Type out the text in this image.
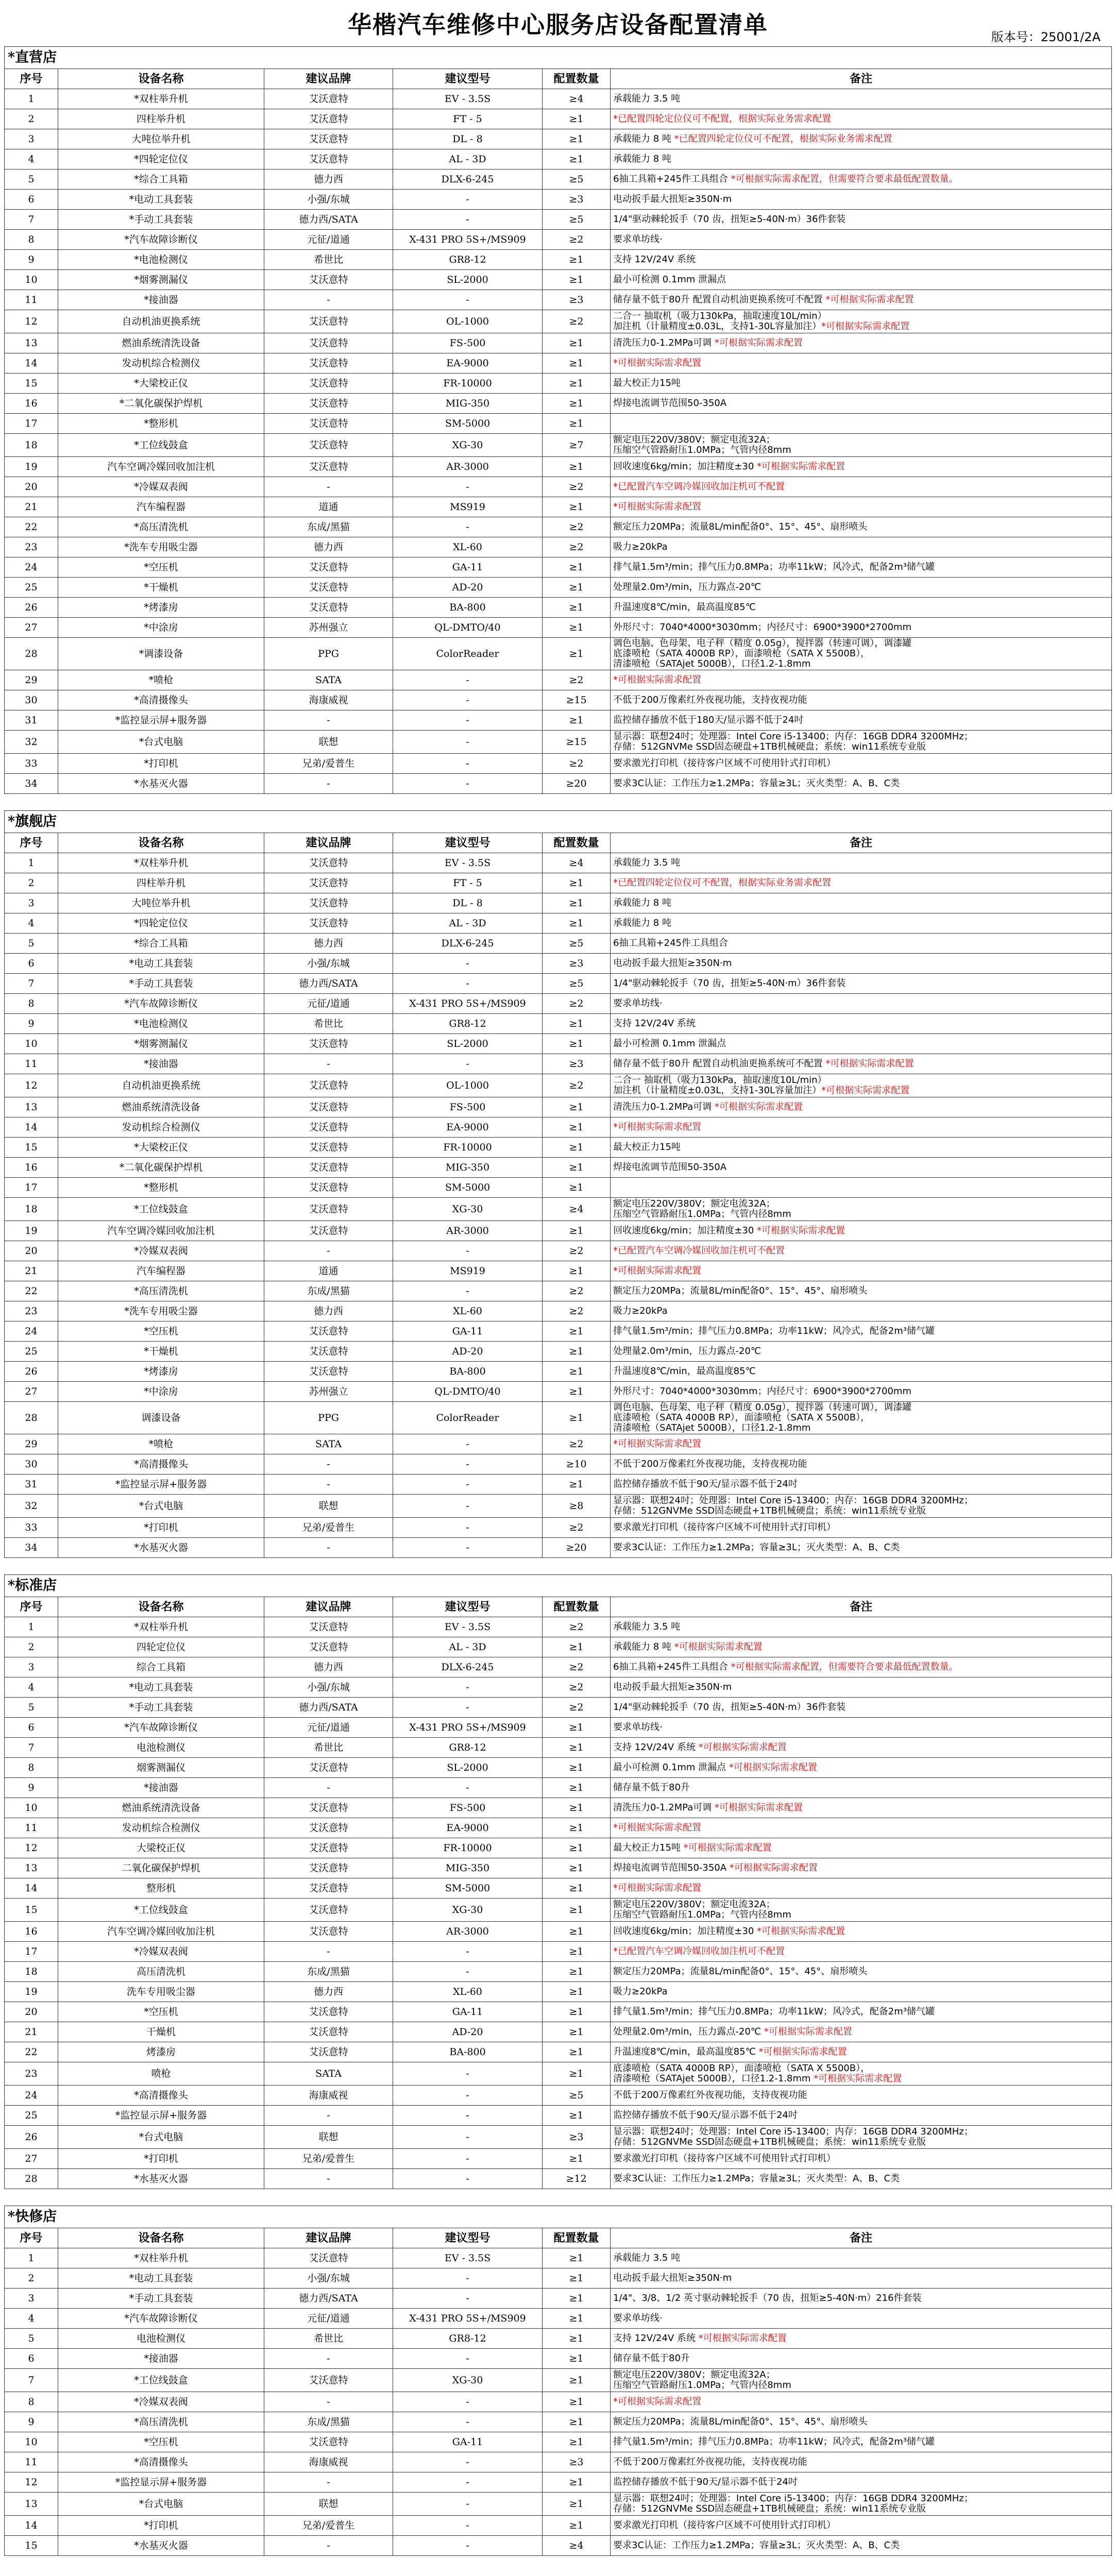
华楷汽车维修中心服务店设备配置清单	版本号：25001/2A
*直营店
序号	设备名称	建议品牌	建议型号	配置数量	备注
1	*双柱举升机	艾沃意特	EV - 3.5S	≥4	承载能力 3.5 吨
2	四柱举升机	艾沃意特	FT - 5	≥1	*已配置四轮定位仪可不配置，根据实际业务需求配置
3	大吨位举升机	艾沃意特	DL - 8	≥1	承载能力 8 吨 *已配置四轮定位仪可不配置，根据实际业务需求配置
4	*四轮定位仪	艾沃意特	AL - 3D	≥1	承载能力 8 吨
5	*综合工具箱	德力西	DLX-6-245	≥5	6抽工具箱+245件工具组合 *可根据实际需求配置，但需要符合要求最低配置数量。
6	*电动工具套装	小强/东城	-	≥3	电动扳手最大扭矩≥350N·m
7	*手动工具套装	德力西/SATA	-	≥5	1/4"驱动棘轮扳手（70 齿，扭矩≥5-40N·m）36件套装
8	*汽车故障诊断仪	元征/道通	X-431 PRO 5S+/MS909	≥2	要求单坊线·
9	*电池检测仪	希世比	GR8-12	≥1	支持 12V/24V 系统
10	*烟雾测漏仪	艾沃意特	SL-2000	≥1	最小可检测 0.1mm 泄漏点
11	*接油器	-	-	≥3	储存量不低于80升 配置自动机油更换系统可不配置 *可根据实际需求配置
12	自动机油更换系统	艾沃意特	OL-1000	≥2	二合一 抽取机（吸力130kPa，抽取速度10L/min）
加注机（计量精度±0.03L，支持1-30L容量加注）*可根据实际需求配置
13	燃油系统清洗设备	艾沃意特	FS-500	≥1	清洗压力0-1.2MPa可调 *可根据实际需求配置
14	发动机综合检测仪	艾沃意特	EA-9000	≥1	*可根据实际需求配置
15	*大梁校正仪	艾沃意特	FR-10000	≥1	最大校正力15吨
16	*二氧化碳保护焊机	艾沃意特	MIG-350	≥1	焊接电流调节范围50-350A
17	*整形机	艾沃意特	SM-5000	≥1	
18	*工位线鼓盒	艾沃意特	XG-30	≥7	额定电压220V/380V；额定电流32A；
压缩空气管路耐压1.0MPa；气管内径8mm
19	汽车空调冷媒回收加注机	艾沃意特	AR-3000	≥1	回收速度6kg/min；加注精度±30 *可根据实际需求配置
20	*冷媒双表阀	-	-	≥2	*已配置汽车空调冷媒回收加注机可不配置
21	汽车编程器	道通	MS919	≥1	*可根据实际需求配置
22	*高压清洗机	东成/黑猫	-	≥2	额定压力20MPa；流量8L/min配备0°、15°、45°、扇形喷头
23	*洗车专用吸尘器	德力西	XL-60	≥2	吸力≥20kPa
24	*空压机	艾沃意特	GA-11	≥1	排气量1.5m³/min；排气压力0.8MPa；功率11kW；风冷式，配备2m³储气罐
25	*干燥机	艾沃意特	AD-20	≥1	处理量2.0m³/min，压力露点-20℃
26	*烤漆房	艾沃意特	BA-800	≥1	升温速度8℃/min，最高温度85℃
27	*中涂房	苏州强立	QL-DMTO/40	≥1	外形尺寸：7040*4000*3030mm；内径尺寸：6900*3900*2700mm
28	*调漆设备	PPG	ColorReader	≥1	调色电脑、色母架、电子秤（精度 0.05g），搅拌器（转速可调），调漆罐
底漆喷枪（SATA 4000B RP），面漆喷枪（SATA X 5500B），
清漆喷枪（SATAjet 5000B），口径1.2-1.8mm
29	*喷枪	SATA	-	≥2	*可根据实际需求配置
30	*高清摄像头	海康威视	-	≥15	不低于200万像素红外夜视功能，支持夜视功能
31	*监控显示屏+服务器	-	-	≥1	监控储存播放不低于180天/显示器不低于24吋
32	*台式电脑	联想	-	≥15	显示器：联想24吋；处理器：Intel Core i5-13400；内存：16GB DDR4 3200MHz；
存储：512GNVMe SSD固态硬盘+1TB机械硬盘；系统：win11系统专业版
33	*打印机	兄弟/爱普生	-	≥2	要求激光打印机（接待客户区域不可使用针式打印机）
34	*水基灭火器	-	-	≥20	要求3C认证：工作压力≥1.2MPa；容量≥3L；灭火类型：A、B、C类
*旗舰店
序号	设备名称	建议品牌	建议型号	配置数量	备注
1	*双柱举升机	艾沃意特	EV - 3.5S	≥4	承载能力 3.5 吨
2	四柱举升机	艾沃意特	FT - 5	≥1	*已配置四轮定位仪可不配置，根据实际业务需求配置
3	大吨位举升机	艾沃意特	DL - 8	≥1	承载能力 8 吨
4	*四轮定位仪	艾沃意特	AL - 3D	≥1	承载能力 8 吨
5	*综合工具箱	德力西	DLX-6-245	≥5	6抽工具箱+245件工具组合
6	*电动工具套装	小强/东城	-	≥3	电动扳手最大扭矩≥350N·m
7	*手动工具套装	德力西/SATA	-	≥5	1/4"驱动棘轮扳手（70 齿，扭矩≥5-40N·m）36件套装
8	*汽车故障诊断仪	元征/道通	X-431 PRO 5S+/MS909	≥2	要求单坊线·
9	*电池检测仪	希世比	GR8-12	≥1	支持 12V/24V 系统
10	*烟雾测漏仪	艾沃意特	SL-2000	≥1	最小可检测 0.1mm 泄漏点
11	*接油器	-	-	≥3	储存量不低于80升 配置自动机油更换系统可不配置 *可根据实际需求配置
12	自动机油更换系统	艾沃意特	OL-1000	≥2	二合一 抽取机（吸力130kPa，抽取速度10L/min）
加注机（计量精度±0.03L，支持1-30L容量加注）*可根据实际需求配置
13	燃油系统清洗设备	艾沃意特	FS-500	≥1	清洗压力0-1.2MPa可调 *可根据实际需求配置
14	发动机综合检测仪	艾沃意特	EA-9000	≥1	*可根据实际需求配置
15	*大梁校正仪	艾沃意特	FR-10000	≥1	最大校正力15吨
16	*二氧化碳保护焊机	艾沃意特	MIG-350	≥1	焊接电流调节范围50-350A
17	*整形机	艾沃意特	SM-5000	≥1	
18	*工位线鼓盒	艾沃意特	XG-30	≥4	额定电压220V/380V；额定电流32A；
压缩空气管路耐压1.0MPa；气管内径8mm
19	汽车空调冷媒回收加注机	艾沃意特	AR-3000	≥1	回收速度6kg/min；加注精度±30 *可根据实际需求配置
20	*冷媒双表阀	-	-	≥2	*已配置汽车空调冷媒回收加注机可不配置
21	汽车编程器	道通	MS919	≥1	*可根据实际需求配置
22	*高压清洗机	东成/黑猫	-	≥2	额定压力20MPa；流量8L/min配备0°、15°、45°、扇形喷头
23	*洗车专用吸尘器	德力西	XL-60	≥2	吸力≥20kPa
24	*空压机	艾沃意特	GA-11	≥1	排气量1.5m³/min；排气压力0.8MPa；功率11kW；风冷式，配备2m³储气罐
25	*干燥机	艾沃意特	AD-20	≥1	处理量2.0m³/min，压力露点-20℃
26	*烤漆房	艾沃意特	BA-800	≥1	升温速度8℃/min，最高温度85℃
27	*中涂房	苏州强立	QL-DMTO/40	≥1	外形尺寸：7040*4000*3030mm；内径尺寸：6900*3900*2700mm
28	调漆设备	PPG	ColorReader	≥1	调色电脑、色母架、电子秤（精度 0.05g），搅拌器（转速可调），调漆罐
底漆喷枪（SATA 4000B RP），面漆喷枪（SATA X 5500B），
清漆喷枪（SATAjet 5000B），口径1.2-1.8mm
29	*喷枪	SATA	-	≥2	*可根据实际需求配置
30	*高清摄像头	-	-	≥10	不低于200万像素红外夜视功能，支持夜视功能
31	*监控显示屏+服务器	-	-	≥1	监控储存播放不低于90天/显示器不低于24吋
32	*台式电脑	联想	-	≥8	显示器：联想24吋；处理器：Intel Core i5-13400；内存：16GB DDR4 3200MHz；
存储：512GNVMe SSD固态硬盘+1TB机械硬盘；系统：win11系统专业版
33	*打印机	兄弟/爱普生	-	≥2	要求激光打印机（接待客户区域不可使用针式打印机）
34	*水基灭火器	-	-	≥20	要求3C认证：工作压力≥1.2MPa；容量≥3L；灭火类型：A、B、C类
*标准店
序号	设备名称	建议品牌	建议型号	配置数量	备注
1	*双柱举升机	艾沃意特	EV - 3.5S	≥2	承载能力 3.5 吨
2	四轮定位仪	艾沃意特	AL - 3D	≥1	承载能力 8 吨 *可根据实际需求配置
3	综合工具箱	德力西	DLX-6-245	≥2	6抽工具箱+245件工具组合 *可根据实际需求配置，但需要符合要求最低配置数量。
4	*电动工具套装	小强/东城	-	≥2	电动扳手最大扭矩≥350N·m
5	*手动工具套装	德力西/SATA	-	≥2	1/4"驱动棘轮扳手（70 齿，扭矩≥5-40N·m）36件套装
6	*汽车故障诊断仪	元征/道通	X-431 PRO 5S+/MS909	≥1	要求单坊线·
7	电池检测仪	希世比	GR8-12	≥1	支持 12V/24V 系统 *可根据实际需求配置
8	烟雾测漏仪	艾沃意特	SL-2000	≥1	最小可检测 0.1mm 泄漏点 *可根据实际需求配置
9	*接油器	-	-	≥1	储存量不低于80升
10	燃油系统清洗设备	艾沃意特	FS-500	≥1	清洗压力0-1.2MPa可调 *可根据实际需求配置
11	发动机综合检测仪	艾沃意特	EA-9000	≥1	*可根据实际需求配置
12	大梁校正仪	艾沃意特	FR-10000	≥1	最大校正力15吨 *可根据实际需求配置
13	二氧化碳保护焊机	艾沃意特	MIG-350	≥1	焊接电流调节范围50-350A *可根据实际需求配置
14	整形机	艾沃意特	SM-5000	≥1	*可根据实际需求配置
15	*工位线鼓盒	艾沃意特	XG-30	≥1	额定电压220V/380V；额定电流32A；
压缩空气管路耐压1.0MPa；气管内径8mm
16	汽车空调冷媒回收加注机	艾沃意特	AR-3000	≥1	回收速度6kg/min；加注精度±30 *可根据实际需求配置
17	*冷媒双表阀	-	-	≥1	*已配置汽车空调冷媒回收加注机可不配置
18	高压清洗机	东成/黑猫	-	≥1	额定压力20MPa；流量8L/min配备0°、15°、45°、扇形喷头
19	洗车专用吸尘器	德力西	XL-60	≥1	吸力≥20kPa
20	*空压机	艾沃意特	GA-11	≥1	排气量1.5m³/min；排气压力0.8MPa；功率11kW；风冷式，配备2m³储气罐
21	干燥机	艾沃意特	AD-20	≥1	处理量2.0m³/min，压力露点-20℃ *可根据实际需求配置
22	烤漆房	艾沃意特	BA-800	≥1	升温速度8℃/min，最高温度85℃ *可根据实际需求配置
23	喷枪	SATA	-	≥1	底漆喷枪（SATA 4000B RP），面漆喷枪（SATA X 5500B），
清漆喷枪（SATAjet 5000B），口径1.2-1.8mm *可根据实际需求配置
24	*高清摄像头	海康威视	-	≥5	不低于200万像素红外夜视功能，支持夜视功能
25	*监控显示屏+服务器	-	-	≥1	监控储存播放不低于90天/显示器不低于24吋
26	*台式电脑	联想	-	≥3	显示器：联想24吋；处理器：Intel Core i5-13400；内存：16GB DDR4 3200MHz；
存储：512GNVMe SSD固态硬盘+1TB机械硬盘；系统：win11系统专业版
27	*打印机	兄弟/爱普生	-	≥1	要求激光打印机（接待客户区域不可使用针式打印机）
28	*水基灭火器	-	-	≥12	要求3C认证：工作压力≥1.2MPa；容量≥3L；灭火类型：A、B、C类
*快修店
序号	设备名称	建议品牌	建议型号	配置数量	备注
1	*双柱举升机	艾沃意特	EV - 3.5S	≥1	承载能力 3.5 吨
2	*电动工具套装	小强/东城	-	≥1	电动扳手最大扭矩≥350N·m
3	*手动工具套装	德力西/SATA	-	≥1	1/4"、3/8、1/2 英寸驱动棘轮扳手（70 齿，扭矩≥5-40N·m）216件套装
4	*汽车故障诊断仪	元征/道通	X-431 PRO 5S+/MS909	≥1	要求单坊线·
5	电池检测仪	希世比	GR8-12	≥1	支持 12V/24V 系统 *可根据实际需求配置
6	*接油器	-	-	≥1	储存量不低于80升
7	*工位线鼓盒	艾沃意特	XG-30	≥1	额定电压220V/380V；额定电流32A；
压缩空气管路耐压1.0MPa；气管内径8mm
8	*冷媒双表阀	-	-	≥1	*可根据实际需求配置
9	*高压清洗机	东成/黑猫	-	≥1	额定压力20MPa；流量8L/min配备0°、15°、45°、扇形喷头
10	*空压机	艾沃意特	GA-11	≥1	排气量1.5m³/min；排气压力0.8MPa；功率11kW；风冷式，配备2m³储气罐
11	*高清摄像头	海康威视	-	≥3	不低于200万像素红外夜视功能，支持夜视功能
12	*监控显示屏+服务器	-	-	≥1	监控储存播放不低于90天/显示器不低于24吋
13	*台式电脑	联想	-	≥1	显示器：联想24吋；处理器：Intel Core i5-13400；内存：16GB DDR4 3200MHz；
存储：512GNVMe SSD固态硬盘+1TB机械硬盘；系统：win11系统专业版
14	*打印机	兄弟/爱普生	-	≥1	要求激光打印机（接待客户区域不可使用针式打印机）
15	*水基灭火器	-	-	≥4	要求3C认证：工作压力≥1.2MPa；容量≥3L；灭火类型：A、B、C类
